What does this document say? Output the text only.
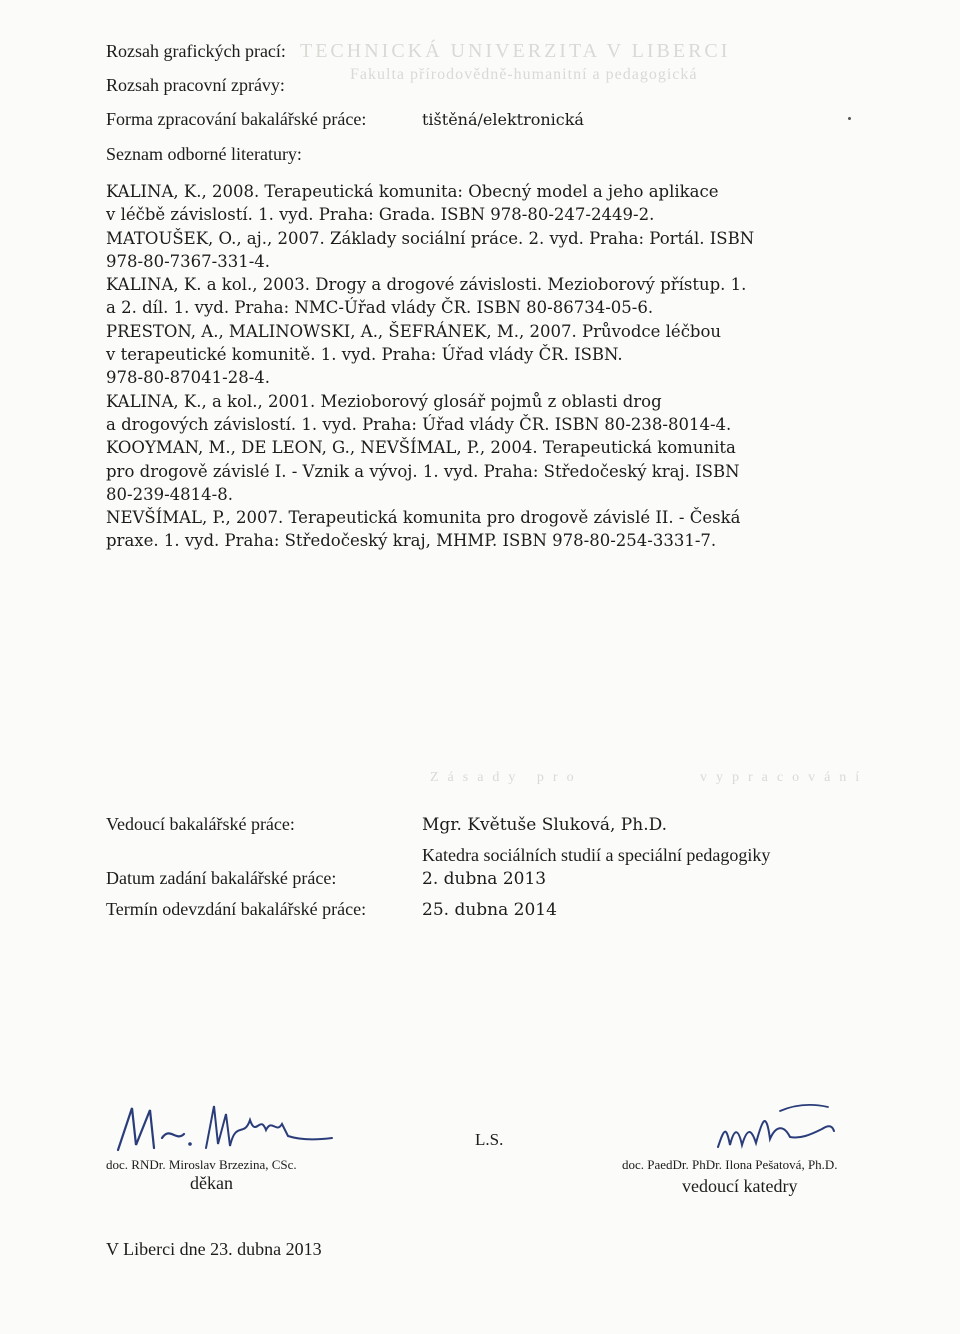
TECHNICKÁ UNIVERZITA V LIBERCI
Fakulta přírodovědně-humanitní a pedagogická
Zásady pro	vypracování
Rozsah grafických prací:
Rozsah pracovní zprávy:
Forma zpracování bakalářské práce:	tištěná/elektronická
Seznam odborné literatury:

KALINA, K., 2008. Terapeutická komunita: Obecný model a jeho aplikace

v léčbě závislostí. 1. vyd. Praha: Grada. ISBN 978-80-247-2449-2.

MATOUŠEK, O., aj., 2007. Základy sociální práce. 2. vyd. Praha: Portál. ISBN

978-80-7367-331-4.

KALINA, K. a kol., 2003. Drogy a drogové závislosti. Mezioborový přístup. 1.

a 2. díl. 1. vyd. Praha: NMC-Úřad vlády ČR. ISBN 80-86734-05-6.

PRESTON, A., MALINOWSKI, A., ŠEFRÁNEK, M., 2007. Průvodce léčbou

v terapeutické komunitě. 1. vyd. Praha: Úřad vlády ČR. ISBN.

978-80-87041-28-4.

KALINA, K., a kol., 2001. Mezioborový glosář pojmů z oblasti drog

a drogových závislostí. 1. vyd. Praha: Úřad vlády ČR. ISBN 80-238-8014-4.

KOOYMAN, M., DE LEON, G., NEVŠÍMAL, P., 2004. Terapeutická komunita

pro drogově závislé I. - Vznik a vývoj. 1. vyd. Praha: Středočeský kraj. ISBN

80-239-4814-8.

NEVŠÍMAL, P., 2007. Terapeutická komunita pro drogově závislé II. - Česká

praxe. 1. vyd. Praha: Středočeský kraj, MHMP. ISBN 978-80-254-3331-7.

Vedoucí bakalářské práce:	Mgr. Květuše Sluková, Ph.D.
Katedra sociálních studií a speciální pedagogiky
Datum zadání bakalářské práce:	2. dubna 2013
Termín odevzdání bakalářské práce:	25. dubna 2014
doc. RNDr. Miroslav Brzezina, CSc.
děkan
L.S.
doc. PaedDr. PhDr. Ilona Pešatová, Ph.D.
vedoucí katedry
V Liberci dne 23. dubna 2013
